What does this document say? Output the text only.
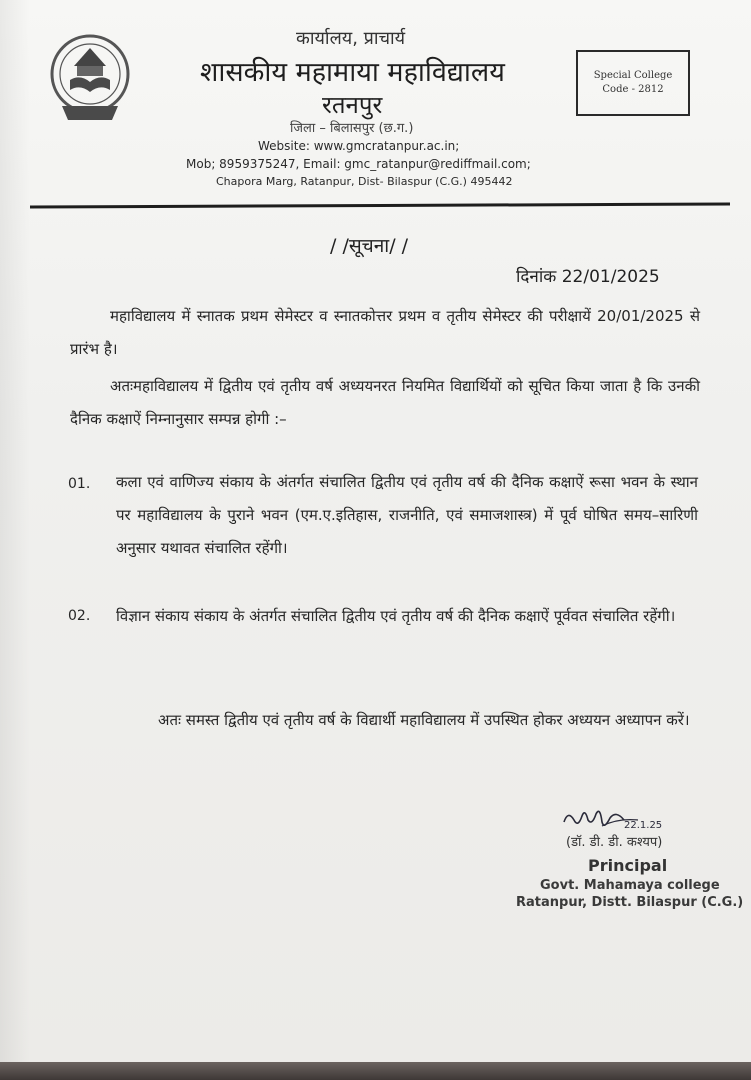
कार्यालय, प्राचार्य
शासकीय महामाया महाविद्यालय
रतनपुर
जिला – बिलासपुर (छ.ग.)
Website: www.gmcratanpur.ac.in;
Mob; 8959375247, Email: gmc_ratanpur@rediffmail.com;
Chapora Marg, Ratanpur, Dist- Bilaspur (C.G.) 495442
Special College
Code - 2812
/ /सूचना/ /
दिनांक 22/01/2025
महाविद्यालय में स्नातक प्रथम सेमेस्टर व स्नातकोत्तर प्रथम व तृतीय सेमेस्टर की परीक्षायें 20/01/2025 से प्रारंभ है।
अतःमहाविद्यालय में द्वितीय एवं तृतीय वर्ष अध्ययनरत नियमित विद्यार्थियों को सूचित किया जाता है कि उनकी दैनिक कक्षाऐं निम्नानुसार सम्पन्न होगी :–
01. कला एवं वाणिज्य संकाय के अंतर्गत संचालित द्वितीय एवं तृतीय वर्ष की दैनिक कक्षाऐं रूसा भवन के स्थान पर महाविद्यालय के पुराने भवन (एम.ए.इतिहास, राजनीति, एवं समाजशास्त्र) में पूर्व घोषित समय–सारिणी अनुसार यथावत संचालित रहेंगी।
02. विज्ञान संकाय संकाय के अंतर्गत संचालित द्वितीय एवं तृतीय वर्ष की दैनिक कक्षाऐं पूर्ववत संचालित रहेंगी।
अतः समस्त द्वितीय एवं तृतीय वर्ष के विद्यार्थी महाविद्यालय में उपस्थित होकर अध्ययन अध्यापन करें।
22.1.25
(डॉ. डी. डी. कश्यप)
Principal
Govt. Mahamaya college
Ratanpur, Distt. Bilaspur (C.G.)
